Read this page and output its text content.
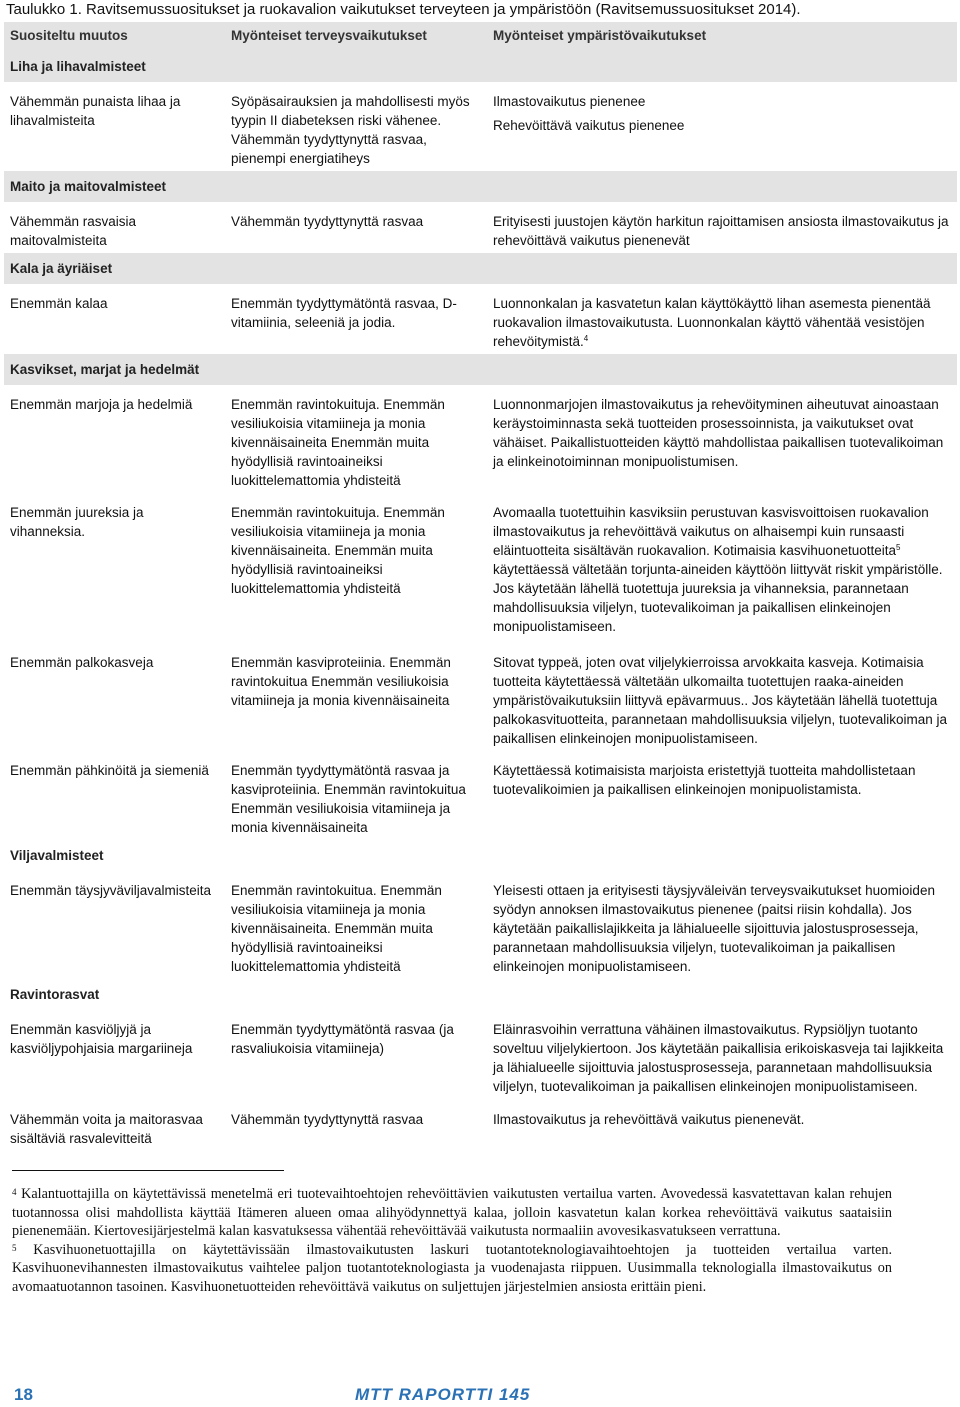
Taulukko 1. Ravitsemussuositukset ja ruokavalion vaikutukset terveyteen ja ympäristöön (Ravitsemussuositukset 2014).
Suositeltu muutos	Myönteiset terveysvaikutukset	Myönteiset ympäristövaikutukset
Liha ja lihavalmisteet		
Vähemmän punaista lihaa ja lihavalmisteita	Syöpäsairauksien ja mahdollisesti myös tyypin II diabeteksen riski vähenee. Vähemmän tyydyttynyttä rasvaa, pienempi energiatiheys	Ilmastovaikutus pienenee
Rehevöittävä vaikutus pienenee

Maito ja maitovalmisteet		
Vähemmän rasvaisia maitovalmisteita	Vähemmän tyydyttynyttä rasvaa	Erityisesti juustojen käytön harkitun rajoittamisen ansiosta ilmastovaikutus ja rehevöittävä vaikutus pienenevät
Kala ja äyriäiset		
Enemmän kalaa	Enemmän tyydyttymätöntä rasvaa, D-vitamiinia, seleeniä ja jodia.	Luonnonkalan ja kasvatetun kalan käyttökäyttö lihan asemesta pienentää ruokavalion ilmastovaikutusta. Luonnonkalan käyttö vähentää vesistöjen rehevöitymistä.$^4$
Kasvikset, marjat ja hedelmät		
Enemmän marjoja ja hedelmiä	Enemmän ravintokuituja. Enemmän vesiliukoisia vitamiineja ja monia kivennäisaineita Enemmän muita hyödyllisiä ravintoaineiksi luokittelemattomia yhdisteitä	Luonnonmarjojen ilmastovaikutus ja rehevöityminen aiheutuvat ainoastaan keräystoiminnasta sekä tuotteiden prosessoinnista, ja vaikutukset ovat vähäiset. Paikallistuotteiden käyttö mahdollistaa paikallisen tuotevalikoiman ja elinkeinotoiminnan monipuolistumisen.
Enemmän juureksia ja vihanneksia.	Enemmän ravintokuituja. Enemmän vesiliukoisia vitamiineja ja monia kivennäisaineita. Enemmän muita hyödyllisiä ravintoaineiksi luokittelemattomia yhdisteitä	Avomaalla tuotettuihin kasviksiin perustuvan kasvisvoittoisen ruokavalion ilmastovaikutus ja rehevöittävä vaikutus on alhaisempi kuin runsaasti eläintuotteita sisältävän ruokavalion. Kotimaisia kasvihuonetuotteita$^5$ käytettäessä vältetään torjunta-aineiden käyttöön liittyvät riskit ympäristölle. Jos käytetään lähellä tuotettuja juureksia ja vihanneksia, parannetaan mahdollisuuksia viljelyn, tuotevalikoiman ja paikallisen elinkeinojen monipuolistamiseen.
Enemmän palkokasveja	Enemmän kasviproteiinia. Enemmän ravintokuitua Enemmän vesiliukoisia vitamiineja ja monia kivennäisaineita	Sitovat typpeä, joten ovat viljelykierroissa arvokkaita kasveja. Kotimaisia tuotteita käytettäessä vältetään ulkomailta tuotettujen raaka-aineiden ympäristövaikutuksiin liittyvä epävarmuus.. Jos käytetään lähellä tuotettuja palkokasvituotteita, parannetaan mahdollisuuksia viljelyn, tuotevalikoiman ja paikallisen elinkeinojen monipuolistamiseen.
Enemmän pähkinöitä ja siemeniä	Enemmän tyydyttymätöntä rasvaa ja kasviproteiinia. Enemmän ravintokuitua Enemmän vesiliukoisia vitamiineja ja monia kivennäisaineita	Käytettäessä kotimaisista marjoista eristettyjä tuotteita mahdollistetaan tuotevalikoimien ja paikallisen elinkeinojen monipuolistamista.
Viljavalmisteet		
Enemmän täysjyväviljavalmisteita	Enemmän ravintokuitua. Enemmän vesiliukoisia vitamiineja ja monia kivennäisaineita. Enemmän muita hyödyllisiä ravintoaineiksi luokittelemattomia yhdisteitä	Yleisesti ottaen ja erityisesti täysjyväleivän terveysvaikutukset huomioiden syödyn annoksen ilmastovaikutus pienenee (paitsi riisin kohdalla). Jos käytetään paikallislajikkeita ja lähialueelle sijoittuvia jalostusprosesseja, parannetaan mahdollisuuksia viljelyn, tuotevalikoiman ja paikallisen elinkeinojen monipuolistamiseen.
Ravintorasvat		
Enemmän kasviöljyjä ja kasviöljypohjaisia margariineja	Enemmän tyydyttymätöntä rasvaa (ja rasvaliukoisia vitamiineja)	Eläinrasvoihin verrattuna vähäinen ilmastovaikutus. Rypsiöljyn tuotanto soveltuu viljelykiertoon. Jos käytetään paikallisia erikoiskasveja tai lajikkeita ja lähialueelle sijoittuvia jalostusprosesseja, parannetaan mahdollisuuksia viljelyn, tuotevalikoiman ja paikallisen elinkeinojen monipuolistamiseen.
Vähemmän voita ja maitorasvaa sisältäviä rasvalevitteitä	Vähemmän tyydyttynyttä rasvaa	Ilmastovaikutus ja rehevöittävä vaikutus pienenevät.

$^4$ Kalantuottajilla on käytettävissä menetelmä eri tuotevaihtoehtojen rehevöittävien vaikutusten vertailua varten. Avovedessä kasvatettavan kalan rehujen tuotannossa olisi mahdollista käyttää Itämeren alueen omaa alihyödynnettyä kalaa, jolloin kasvatetun kalan korkea rehevöittävä vaikutus saataisiin pienenemään. Kiertovesijärjestelmä kalan kasvatuksessa vähentää rehevöittävää vaikutusta normaaliin avovesikasvatukseen verrattuna.

$^5$ Kasvihuonetuottajilla on käytettävissään ilmastovaikutusten laskuri tuotantoteknologiavaihtoehtojen ja tuotteiden vertailua varten. Kasvihuonevihannesten ilmastovaikutus vaihtelee paljon tuotantoteknologiasta ja vuodenajasta riippuen. Uusimmalla teknologialla ilmastovaikutus on avomaatuotannon tasoinen. Kasvihuonetuotteiden rehevöittävä vaikutus on suljettujen järjestelmien ansiosta erittäin pieni.

18	MTT RAPORTTI 145
